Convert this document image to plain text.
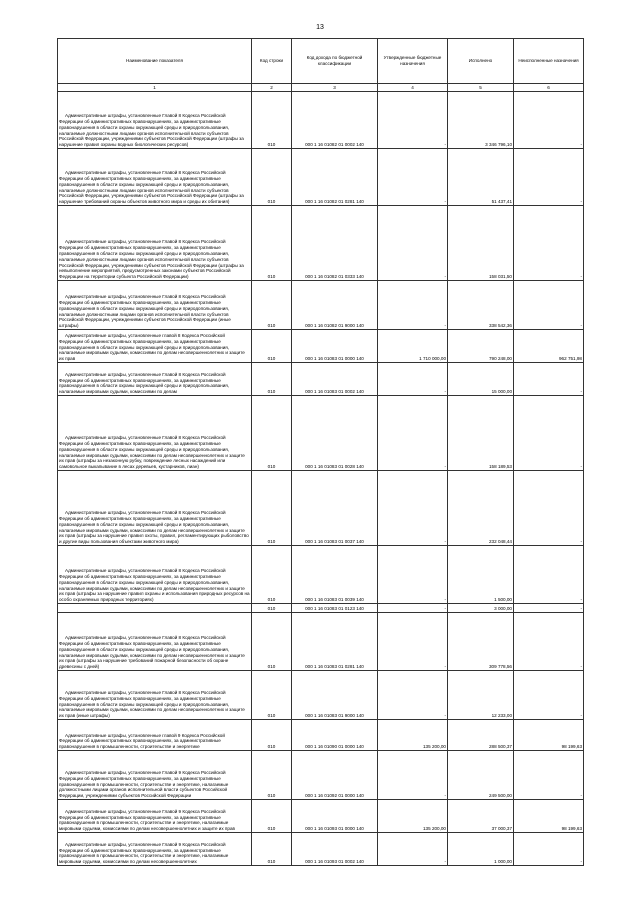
13
Наименование показателя	Код строки	Код дохода по бюджетной классификации	Утвержденные бюджетные назначения	Исполнено	Неисполненные назначения
1	2	3	4	5	6
Административные штрафы, установленные Главой 8 Кодекса Российской Федерации об административных правонарушениях, за административные правонарушения в области охраны окружающей среды и природопользования, налагаемые должностными лицами органов исполнительной власти субъектов Российской Федерации, учреждениями субъектов Российской Федерации (штрафы за нарушение правил охраны водных биологических ресурсов)	010	000 1 16 01082 01 0002 140	-	3 346 796,10	-
Административные штрафы, установленные Главой 8 Кодекса Российской Федерации об административных правонарушениях, за административные правонарушения в области охраны окружающей среды и природопользования, налагаемые должностными лицами органов исполнительной власти субъектов Российской Федерации, учреждениями субъектов Российской Федерации (штрафы за нарушение требований охраны объектов животного мира и среды их обитания)	010	000 1 16 01082 01 0281 140	-	51 437,41	-
Административные штрафы, установленные Главой 8 Кодекса Российской Федерации об административных правонарушениях, за административные правонарушения в области охраны окружающей среды и природопользования, налагаемые должностными лицами органов исполнительной власти субъектов Российской Федерации, учреждениями субъектов Российской Федерации (штрафы за невыполнение мероприятий, предусмотренных законами субъектов Российской Федерации на территории субъекта Российской Федерации)	010	000 1 16 01082 01 0333 140	-	158 031,50	-
Административные штрафы, установленные Главой 8 Кодекса Российской Федерации об административных правонарушениях, за административные правонарушения в области охраны окружающей среды и природопользования, налагаемые должностными лицами органов исполнительной власти субъектов Российской Федерации, учреждениями субъектов Российской Федерации (иные штрафы)	010	000 1 16 01082 01 9000 140	-	338 542,36	-
Административные штрафы, установленные главой 8 Кодекса Российской Федерации об административных правонарушениях, за административные правонарушения в области охраны окружающей среды и природопользования, налагаемые мировыми судьями, комиссиями по делам несовершеннолетних и защите их прав	010	000 1 16 01083 01 0000 140	1 710 000,00	790 248,00	962 751,98
Административные штрафы, установленные Главой 8 Кодекса Российской Федерации об административных правонарушениях, за административные правонарушения в области охраны окружающей среды и природопользования, налагаемые мировыми судьями, комиссиями по делам	010	000 1 16 01083 01 0002 140	-	15 000,00	-
Административные штрафы, установленные Главой 8 Кодекса Российской Федерации об административных правонарушениях, за административные правонарушения в области охраны окружающей среды и природопользования, налагаемые мировыми судьями, комиссиями по делам несовершеннолетних и защите их прав (штрафы за незаконную рубку, повреждение лесных насаждений или самовольное выкапывание в лесах деревьев, кустарников, лиан)	010	000 1 16 01083 01 0028 140	-	158 189,53	-
Административные штрафы, установленные Главой 8 Кодекса Российской Федерации об административных правонарушениях, за административные правонарушения в области охраны окружающей среды и природопользования, налагаемые мировыми судьями, комиссиями по делам несовершеннолетних и защите их прав (штрафы за нарушение правил охоты, правил, регламентирующих рыболовство и другие виды пользования объектами животного мира)	010	000 1 16 01083 01 0037 140	-	232 048,44	-
Административные штрафы, установленные Главой 8 Кодекса Российской Федерации об административных правонарушениях, за административные правонарушения в области охраны окружающей среды и природопользования, налагаемые мировыми судьями, комиссиями по делам несовершеннолетних и защите их прав (штрафы за нарушение правил охраны и использования природных ресурсов на особо охраняемых природных территориях)	010	000 1 16 01083 01 0039 140	-	1 500,00	-
	010	000 1 16 01083 01 0123 140	-	3 000,00	-
Административные штрафы, установленные Главой 8 Кодекса Российской Федерации об административных правонарушениях, за административные правонарушения в области охраны окружающей среды и природопользования, налагаемые мировыми судьями, комиссиями по делам несовершеннолетних и защите их прав (штрафы за нарушение требований пожарной безопасности об охране древесины с дней)	010	000 1 16 01083 01 0281 140	-	309 778,56	-
Административные штрафы, установленные Главой 8 Кодекса Российской Федерации об административных правонарушениях, за административные правонарушения в области охраны окружающей среды и природопользования, налагаемые мировыми судьями, комиссиями по делам несовершеннолетних и защите их прав (иные штрафы)	010	000 1 16 01083 01 9000 140	-	12 233,00	-
Административные штрафы, установленные главой 9 Кодекса Российской Федерации об административных правонарушениях, за административные правонарушения в промышленности, строительстве и энергетике	010	000 1 16 01090 01 0000 140	135 200,00	288 500,37	98 199,63
Административные штрафы, установленные Главой 9 Кодекса Российской Федерации об административных правонарушениях, за административные правонарушения в промышленности, строительстве и энергетике, налагаемые должностными лицами органов исполнительной власти субъектов Российской Федерации, учреждениями субъектов Российской Федерации	010	000 1 16 01092 01 0000 140	-	249 500,00	-
Административные штрафы, установленные Главой 9 Кодекса Российской Федерации об административных правонарушениях, за административные правонарушения в промышленности, строительстве и энергетике, налагаемые мировыми судьями, комиссиями по делам несовершеннолетних и защите их прав	010	000 1 16 01093 01 0000 140	135 200,00	37 000,37	98 199,63
Административные штрафы, установленные Главой 9 Кодекса Российской Федерации об административных правонарушениях, за административные правонарушения в промышленности, строительстве и энергетике, налагаемые мировыми судьями, комиссиями по делам несовершеннолетних	010	000 1 16 01093 01 0002 140	-	1 000,00	-
